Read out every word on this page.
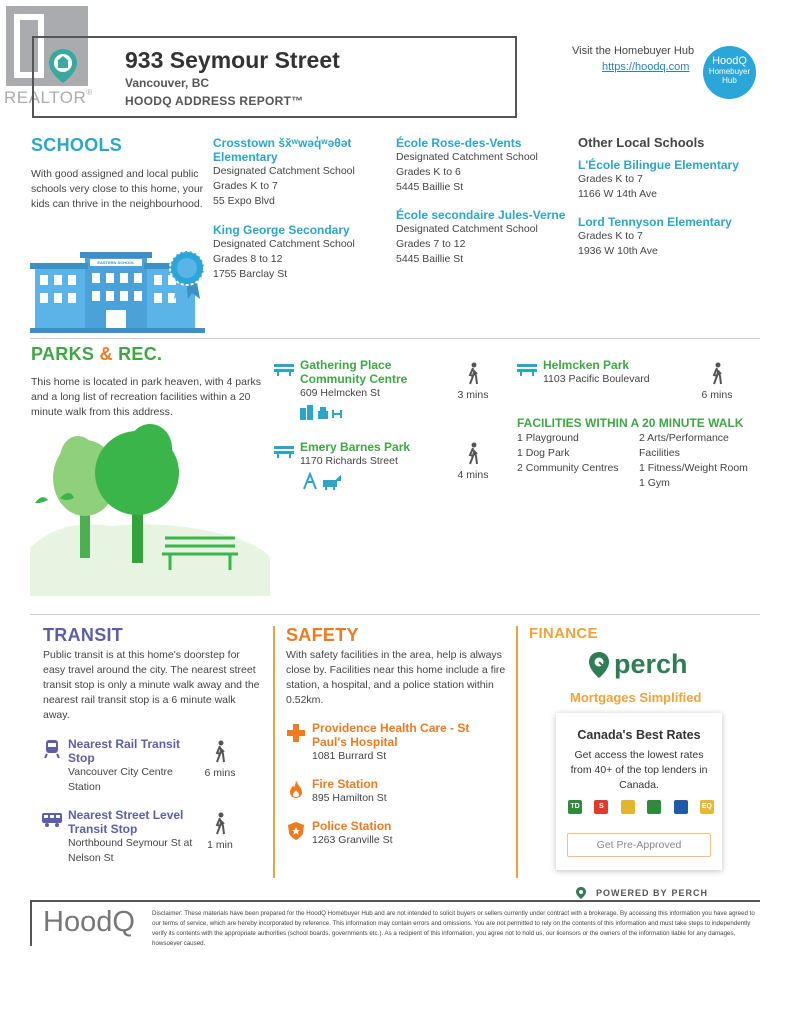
REALTOR®
933 Seymour Street
Vancouver, BC
HOODQ ADDRESS REPORT™
Visit the Homebuyer Hub
https://hoodq.com	HoodQ
Homebuyer
Hub
SCHOOLS
With good assigned and local public schools very close to this home, your kids can thrive in the neighbourhood.
EASTERN SCHOOL
Crosstown šx̌ʷwəq̓ʷəθət Elementary
Designated Catchment School
Grades K to 7
55 Expo Blvd
King George Secondary
Designated Catchment School
Grades 8 to 12
1755 Barclay St
École Rose-des-Vents
Designated Catchment School
Grades K to 6
5445 Baillie St
École secondaire Jules-Verne
Designated Catchment School
Grades 7 to 12
5445 Baillie St
Other Local Schools
L'École Bilingue Elementary
Grades K to 7
1166 W 14th Ave
Lord Tennyson Elementary
Grades K to 7
1936 W 10th Ave
PARKS & REC.
This home is located in park heaven, with 4 parks and a long list of recreation facilities within a 20 minute walk from this address.
Gathering Place Community Centre
609 Helmcken St	3 mins
Emery Barnes Park
1170 Richards Street
4 mins
Helmcken Park
1103 Pacific Boulevard
6 mins
FACILITIES WITHIN A 20 MINUTE WALK
1 Playground
1 Dog Park
2 Community Centres
2 Arts/Performance Facilities
1 Fitness/Weight Room
1 Gym
TRANSIT
Public transit is at this home's doorstep for easy travel around the city. The nearest street transit stop is only a minute walk away and the nearest rail transit stop is a 6 minute walk away.
Nearest Rail Transit Stop
Vancouver City Centre Station
6 mins
Nearest Street Level Transit Stop
Northbound Seymour St at Nelson St
1 min
SAFETY
With safety facilities in the area, help is always close by. Facilities near this home include a fire station, a hospital, and a police station within 0.52km.
Providence Health Care - St Paul's Hospital
1081 Burrard St
Fire Station
895 Hamilton St
Police Station
1263 Granville St
FINANCE
perch
Mortgages Simplified
Canada's Best Rates
Get access the lowest rates from 40+ of the top lenders in Canada.
TD	S	EQ
Get Pre-Approved
POWERED BY PERCH
HoodQ	Disclaimer: These materials have been prepared for the HoodQ Homebuyer Hub and are not intended to solicit buyers or sellers currently under contract with a brokerage. By accessing this information you have agreed to our terms of service, which are hereby incorporated by reference. This information may contain errors and omissions. You are not permitted to rely on the contents of this information and must take steps to independently verify its contents with the appropriate authorities (school boards, governments etc.). As a recipient of this information, you agree not to hold us, our licensors or the owners of the information liable for any damages, howsoever caused.
